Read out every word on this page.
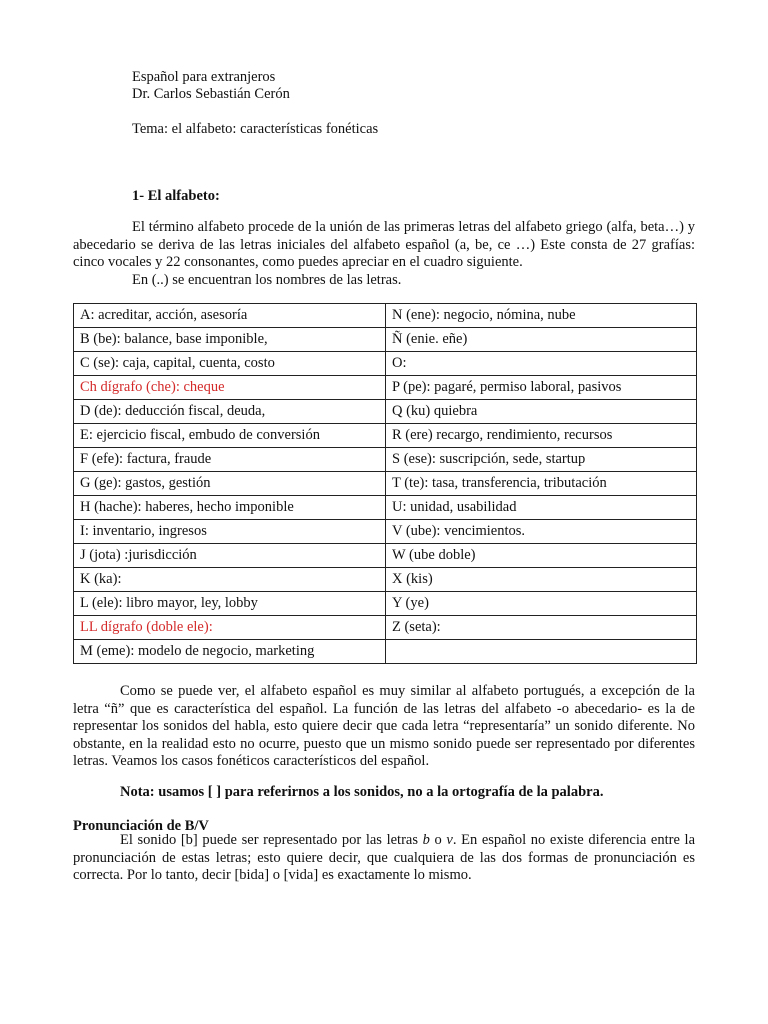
Español para extranjeros
Dr. Carlos Sebastián Cerón
Tema: el alfabeto: características fonéticas
1- El alfabeto:
El término alfabeto procede de la unión de las primeras letras del alfabeto griego (alfa, beta…) y abecedario se deriva de las letras iniciales del alfabeto español (a, be, ce …) Este consta de 27 grafías: cinco vocales y 22 consonantes, como puedes apreciar en el cuadro siguiente.
En (..) se encuentran los nombres de las letras.
A: acreditar, acción, asesoría	N (ene): negocio, nómina, nube
B (be): balance, base imponible,	Ñ (enie. eñe)
C (se): caja, capital, cuenta, costo	O:
Ch dígrafo (che): cheque	P (pe): pagaré, permiso laboral, pasivos
D (de): deducción fiscal, deuda,	Q (ku) quiebra
E: ejercicio fiscal, embudo de conversión	R (ere) recargo, rendimiento, recursos
F (efe): factura, fraude	S (ese): suscripción, sede, startup
G (ge): gastos, gestión	T (te): tasa, transferencia, tributación
H (hache): haberes, hecho imponible	U: unidad, usabilidad
I: inventario, ingresos	V (ube): vencimientos.
J (jota) :jurisdicción	W (ube doble)
K (ka):	X (kis)
L (ele): libro mayor, ley, lobby	Y (ye)
LL dígrafo (doble ele):	Z (seta):
M (eme): modelo de negocio, marketing	
Como se puede ver, el alfabeto español es muy similar al alfabeto portugués, a excepción de la letra “ñ” que es característica del español. La función de las letras del alfabeto -o abecedario- es la de representar los sonidos del habla, esto quiere decir que cada letra “representaría” un sonido diferente. No obstante, en la realidad esto no ocurre, puesto que un mismo sonido puede ser representado por diferentes letras. Veamos los casos fonéticos característicos del español.
Nota: usamos [ ] para referirnos a los sonidos, no a la ortografía de la palabra.
Pronunciación de B/V
El sonido [b] puede ser representado por las letras b o v. En español no existe diferencia entre la pronunciación de estas letras; esto quiere decir, que cualquiera de las dos formas de pronunciación es correcta. Por lo tanto, decir [bida] o [vida] es exactamente lo mismo.
